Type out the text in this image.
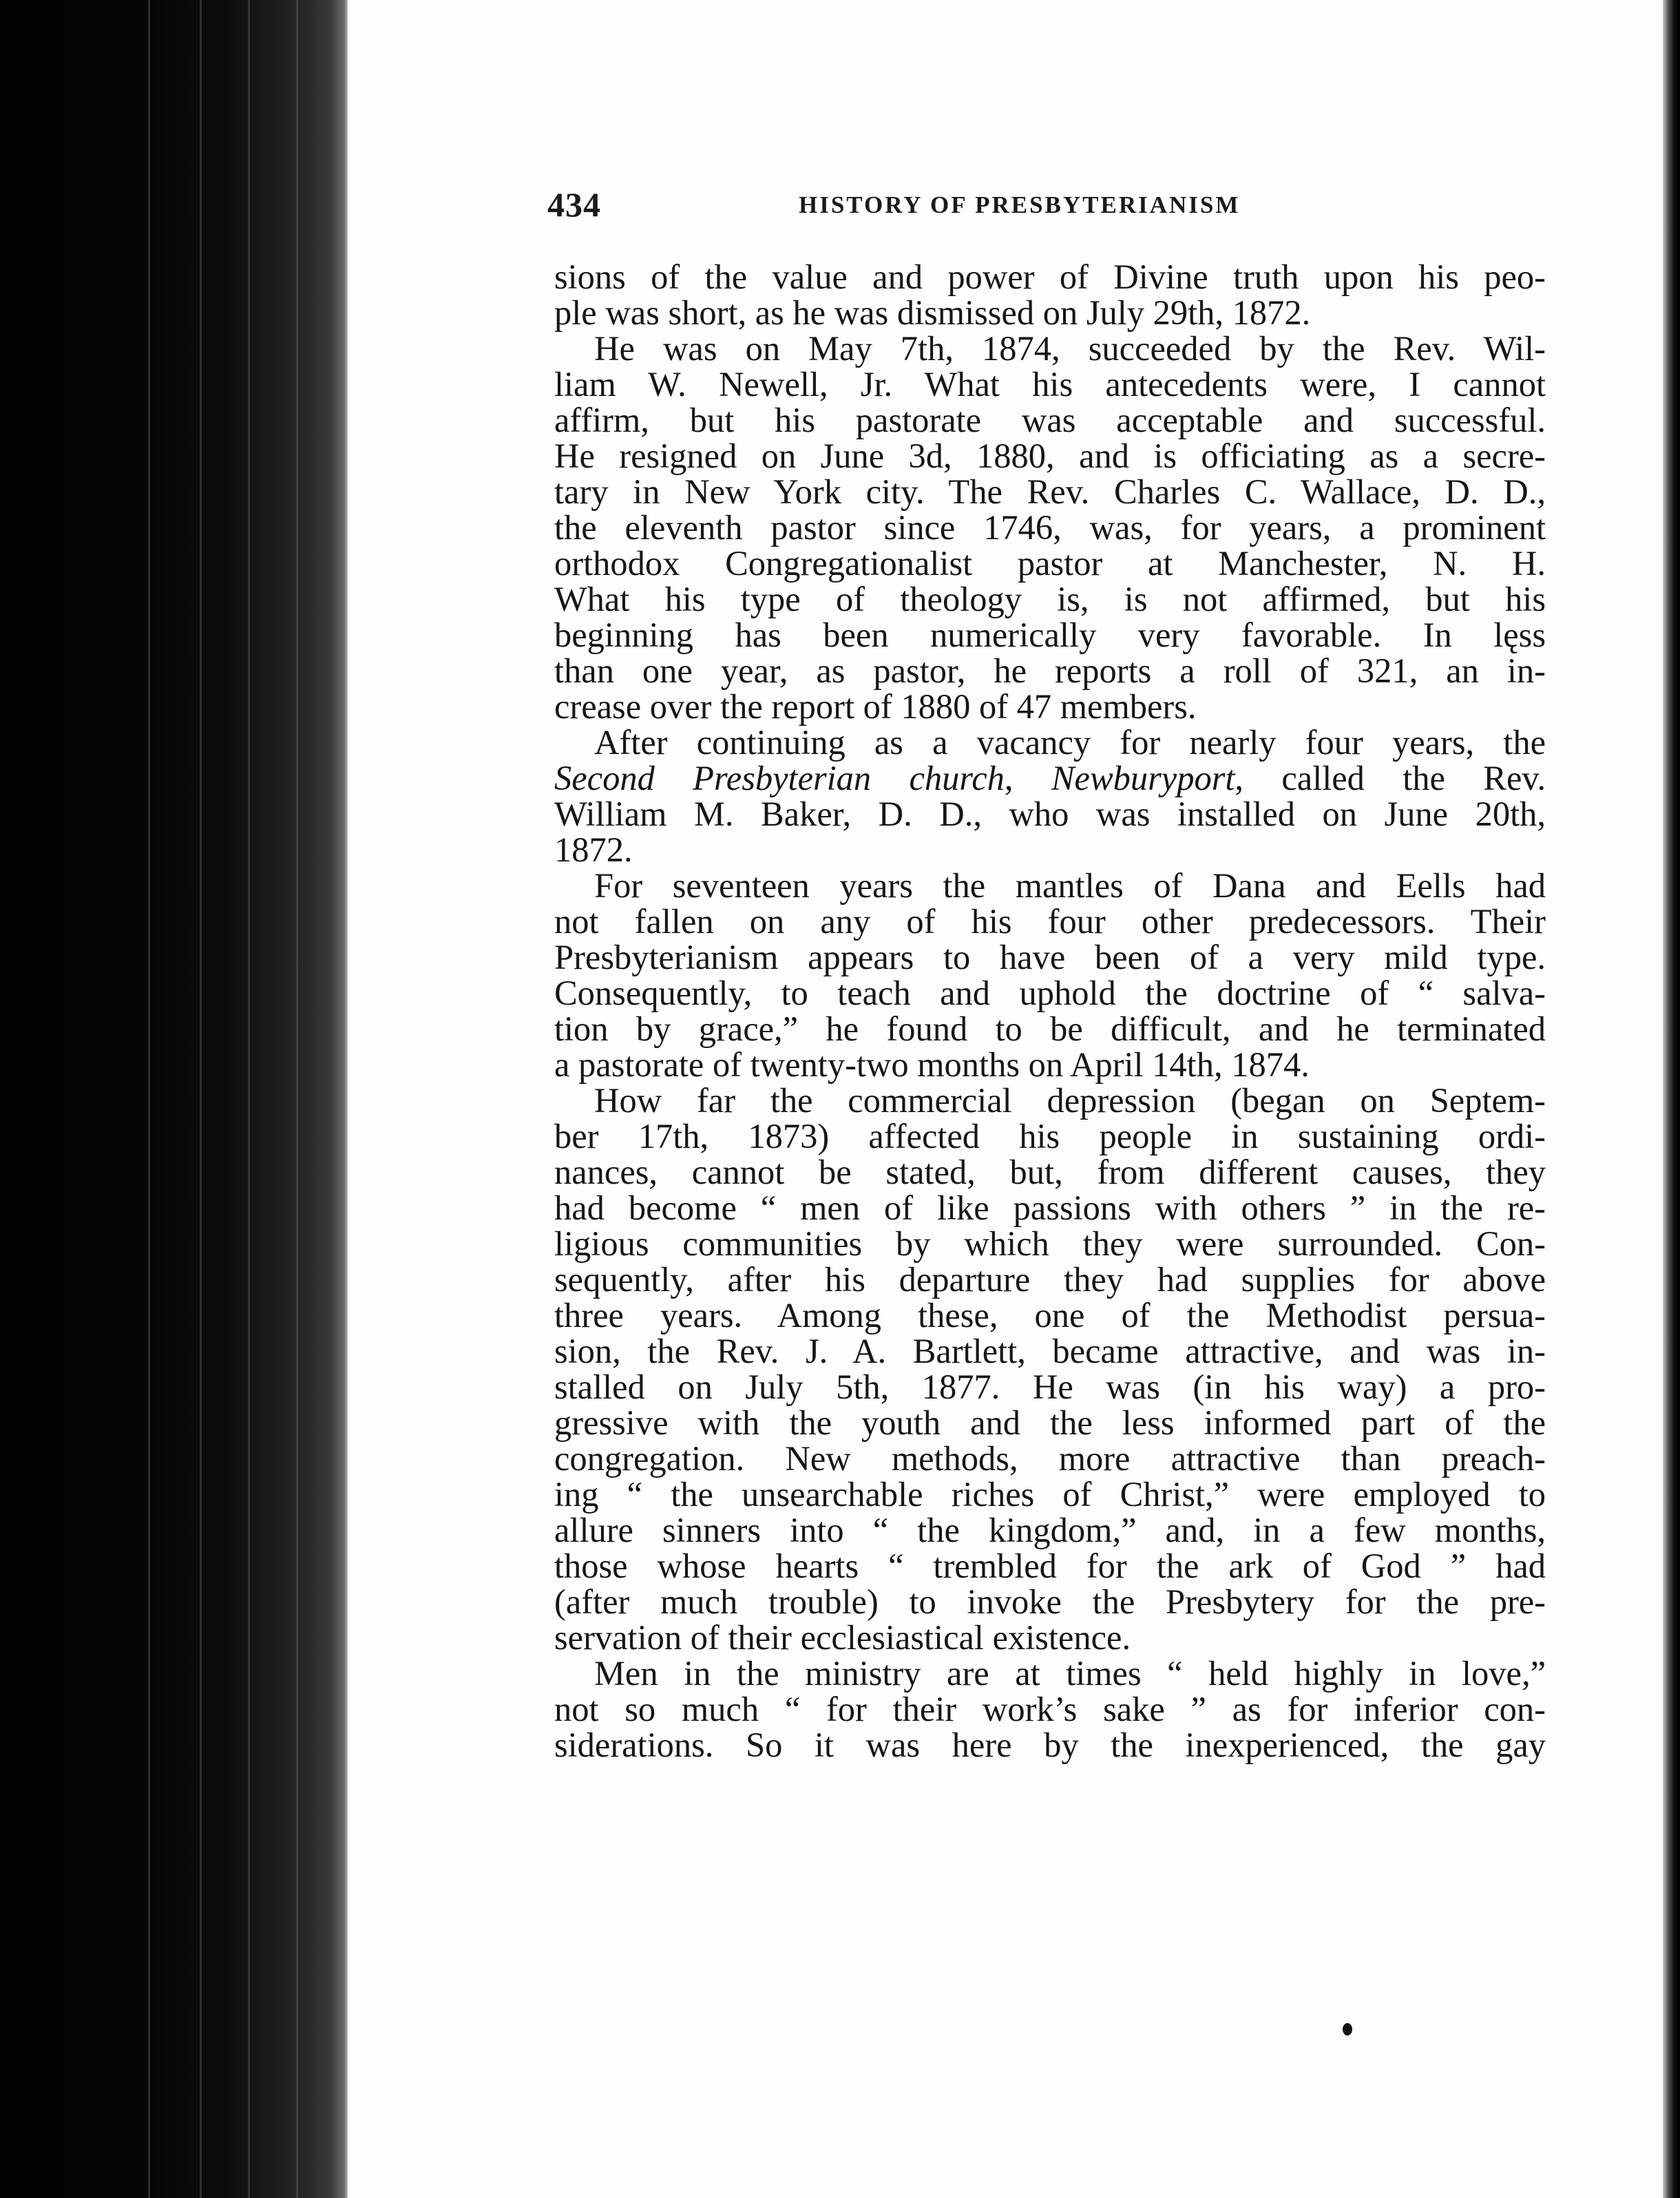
434	HISTORY OF PRESBYTERIANISM
sions of the value and power of Divine truth upon his peo-
ple was short, as he was dismissed on July 29th, 1872.
He was on May 7th, 1874, succeeded by the Rev. Wil-
liam W. Newell, Jr. What his antecedents were, I cannot
affirm, but his pastorate was acceptable and successful.
He resigned on June 3d, 1880, and is officiating as a secre-
tary in New York city. The Rev. Charles C. Wallace, D. D.,
the eleventh pastor since 1746, was, for years, a prominent
orthodox Congregationalist pastor at Manchester, N. H.
What his type of theology is, is not affirmed, but his
beginning has been numerically very favorable. In lęss
than one year, as pastor, he reports a roll of 321, an in-
crease over the report of 1880 of 47 members.
After continuing as a vacancy for nearly four years, the
Second Presbyterian church, Newburyport, called the Rev.
William M. Baker, D. D., who was installed on June 20th,
1872.
For seventeen years the mantles of Dana and Eells had
not fallen on any of his four other predecessors. Their
Presbyterianism appears to have been of a very mild type.
Consequently, to teach and uphold the doctrine of “ salva-
tion by grace,” he found to be difficult, and he terminated
a pastorate of twenty-two months on April 14th, 1874.
How far the commercial depression (began on Septem-
ber 17th, 1873) affected his people in sustaining ordi-
nances, cannot be stated, but, from different causes, they
had become “ men of like passions with others ” in the re-
ligious communities by which they were surrounded. Con-
sequently, after his departure they had supplies for above
three years. Among these, one of the Methodist persua-
sion, the Rev. J. A. Bartlett, became attractive, and was in-
stalled on July 5th, 1877. He was (in his way) a pro-
gressive with the youth and the less informed part of the
congregation. New methods, more attractive than preach-
ing “ the unsearchable riches of Christ,” were employed to
allure sinners into “ the kingdom,” and, in a few months,
those whose hearts “ trembled for the ark of God ” had
(after much trouble) to invoke the Presbytery for the pre-
servation of their ecclesiastical existence.
Men in the ministry are at times “ held highly in love,”
not so much “ for their work’s sake ” as for inferior con-
siderations. So it was here by the inexperienced, the gay
